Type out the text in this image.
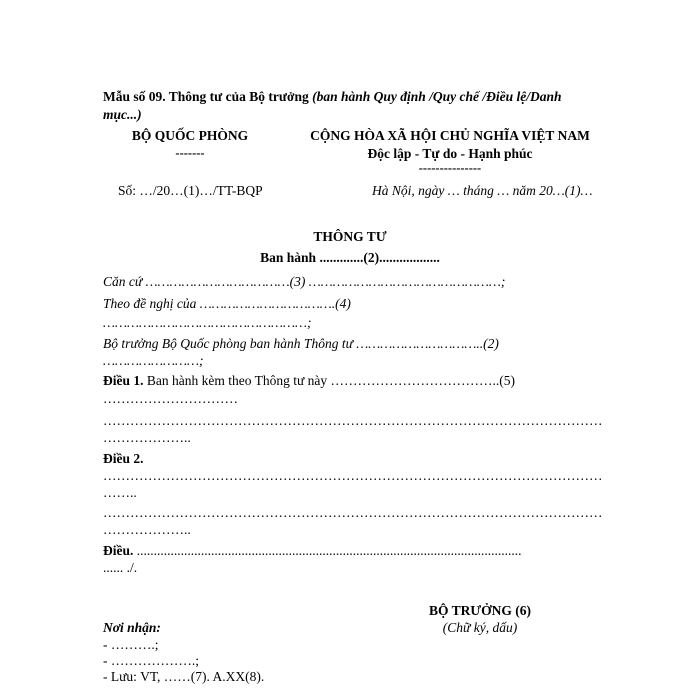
Mẫu số 09. Thông tư của Bộ trưởng (ban hành Quy định /Quy chế /Điều lệ/Danh
mục...)
BỘ QUỐC PHÒNG
-------
CỘNG HÒA XÃ HỘI CHỦ NGHĨA VIỆT NAM
Độc lập - Tự do - Hạnh phúc
---------------
Số: …/20…(1)…/TT-BQP	Hà Nội, ngày … tháng … năm 20…(1)…
THÔNG TƯ
Ban hành .............(2)..................
Căn cứ ………………………………(3) …………………………………………;
Theo đề nghị của …………………………….(4)
……………………………………………;
Bộ trưởng Bộ Quốc phòng ban hành Thông tư …………………………..(2)
……………………;
Điều 1. Ban hành kèm theo Thông tư này ………………………………..(5)
…………………………
…………………………………………………………………………………………………
………………..
Điều 2.
…………………………………………………………………………………………………
……..
…………………………………………………………………………………………………
………………..
Điều. ..................................................................................................................
...... ./.
BỘ TRƯỞNG (6)
(Chữ ký, dấu)
Nơi nhận:
- ……….;
- ……………….;
- Lưu: VT, ……(7). A.XX(8).
